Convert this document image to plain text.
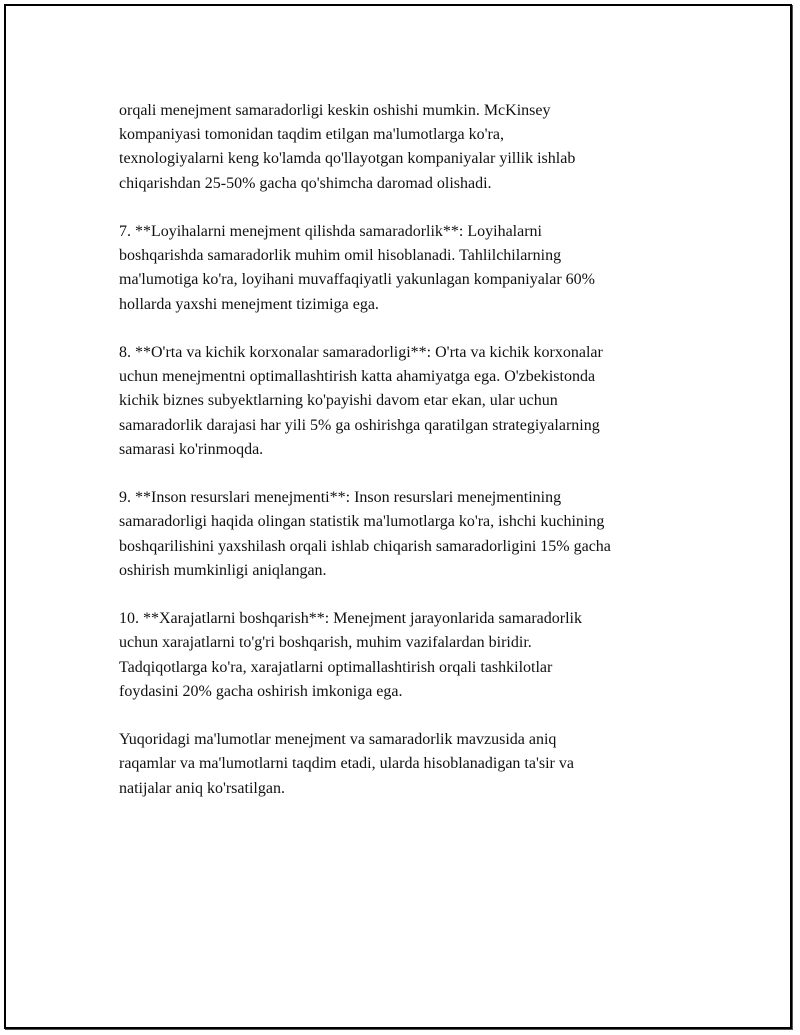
orqali menejment samaradorligi keskin oshishi mumkin. McKinsey
kompaniyasi tomonidan taqdim etilgan ma'lumotlarga ko'ra,
texnologiyalarni keng ko'lamda qo'llayotgan kompaniyalar yillik ishlab
chiqarishdan 25-50% gacha qo'shimcha daromad olishadi.

7. **Loyihalarni menejment qilishda samaradorlik**: Loyihalarni
boshqarishda samaradorlik muhim omil hisoblanadi. Tahlilchilarning
ma'lumotiga ko'ra, loyihani muvaffaqiyatli yakunlagan kompaniyalar 60%
hollarda yaxshi menejment tizimiga ega.

8. **O'rta va kichik korxonalar samaradorligi**: O'rta va kichik korxonalar
uchun menejmentni optimallashtirish katta ahamiyatga ega. O'zbekistonda
kichik biznes subyektlarning ko'payishi davom etar ekan, ular uchun
samaradorlik darajasi har yili 5% ga oshirishga qaratilgan strategiyalarning
samarasi ko'rinmoqda.

9. **Inson resurslari menejmenti**: Inson resurslari menejmentining
samaradorligi haqida olingan statistik ma'lumotlarga ko'ra, ishchi kuchining
boshqarilishini yaxshilash orqali ishlab chiqarish samaradorligini 15% gacha
oshirish mumkinligi aniqlangan.

10. **Xarajatlarni boshqarish**: Menejment jarayonlarida samaradorlik
uchun xarajatlarni to'g'ri boshqarish, muhim vazifalardan biridir.
Tadqiqotlarga ko'ra, xarajatlarni optimallashtirish orqali tashkilotlar
foydasini 20% gacha oshirish imkoniga ega.

Yuqoridagi ma'lumotlar menejment va samaradorlik mavzusida aniq
raqamlar va ma'lumotlarni taqdim etadi, ularda hisoblanadigan ta'sir va
natijalar aniq ko'rsatilgan.
